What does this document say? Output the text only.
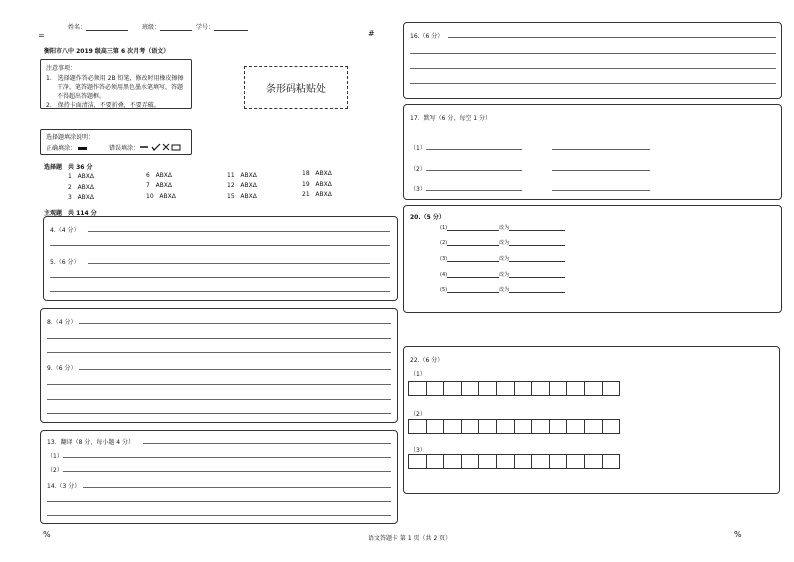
姓名：	班级：	学号：
=	#
衡阳市八中 2019 级高三第 6 次月考（语文）
注意事项：
1.　选择题作答必须用 2B 铅笔，修改时用橡皮擦擦
干净。笔答题作答必须用黑色墨水笔填写，答题
不得超出答题框。
2.　保持卡面清洁，不要折叠，不要弄破。
条形码粘贴处
选择题填涂说明：
正确填涂：	错误填涂：
选择题　共 36 分
1 ABXΔ
2 ABXΔ
3 ABXΔ
6 ABXΔ
7 ABXΔ
10 ABXΔ
11 ABXΔ
12 ABXΔ
15 ABXΔ
18 ABXΔ
19 ABXΔ
21 ABXΔ
主观题　共 114 分
4.（4 分）
5.（6 分）
8.（4 分）
9.（6 分）
13．翻译（8 分，每小题 4 分）
（1）
（2）
14.（3 分）
16.（6 分）
17．默写（6 分，每空 1 分）
（1）
（2）
（3）
20.（5 分）
(1)	改为
(2)	改为
(3)	改为
(4)	改为
(5)	改为
22.（6 分）
（1）
（2）
（3）
%	语文答题卡 第 1 页（共 2 页）	%
